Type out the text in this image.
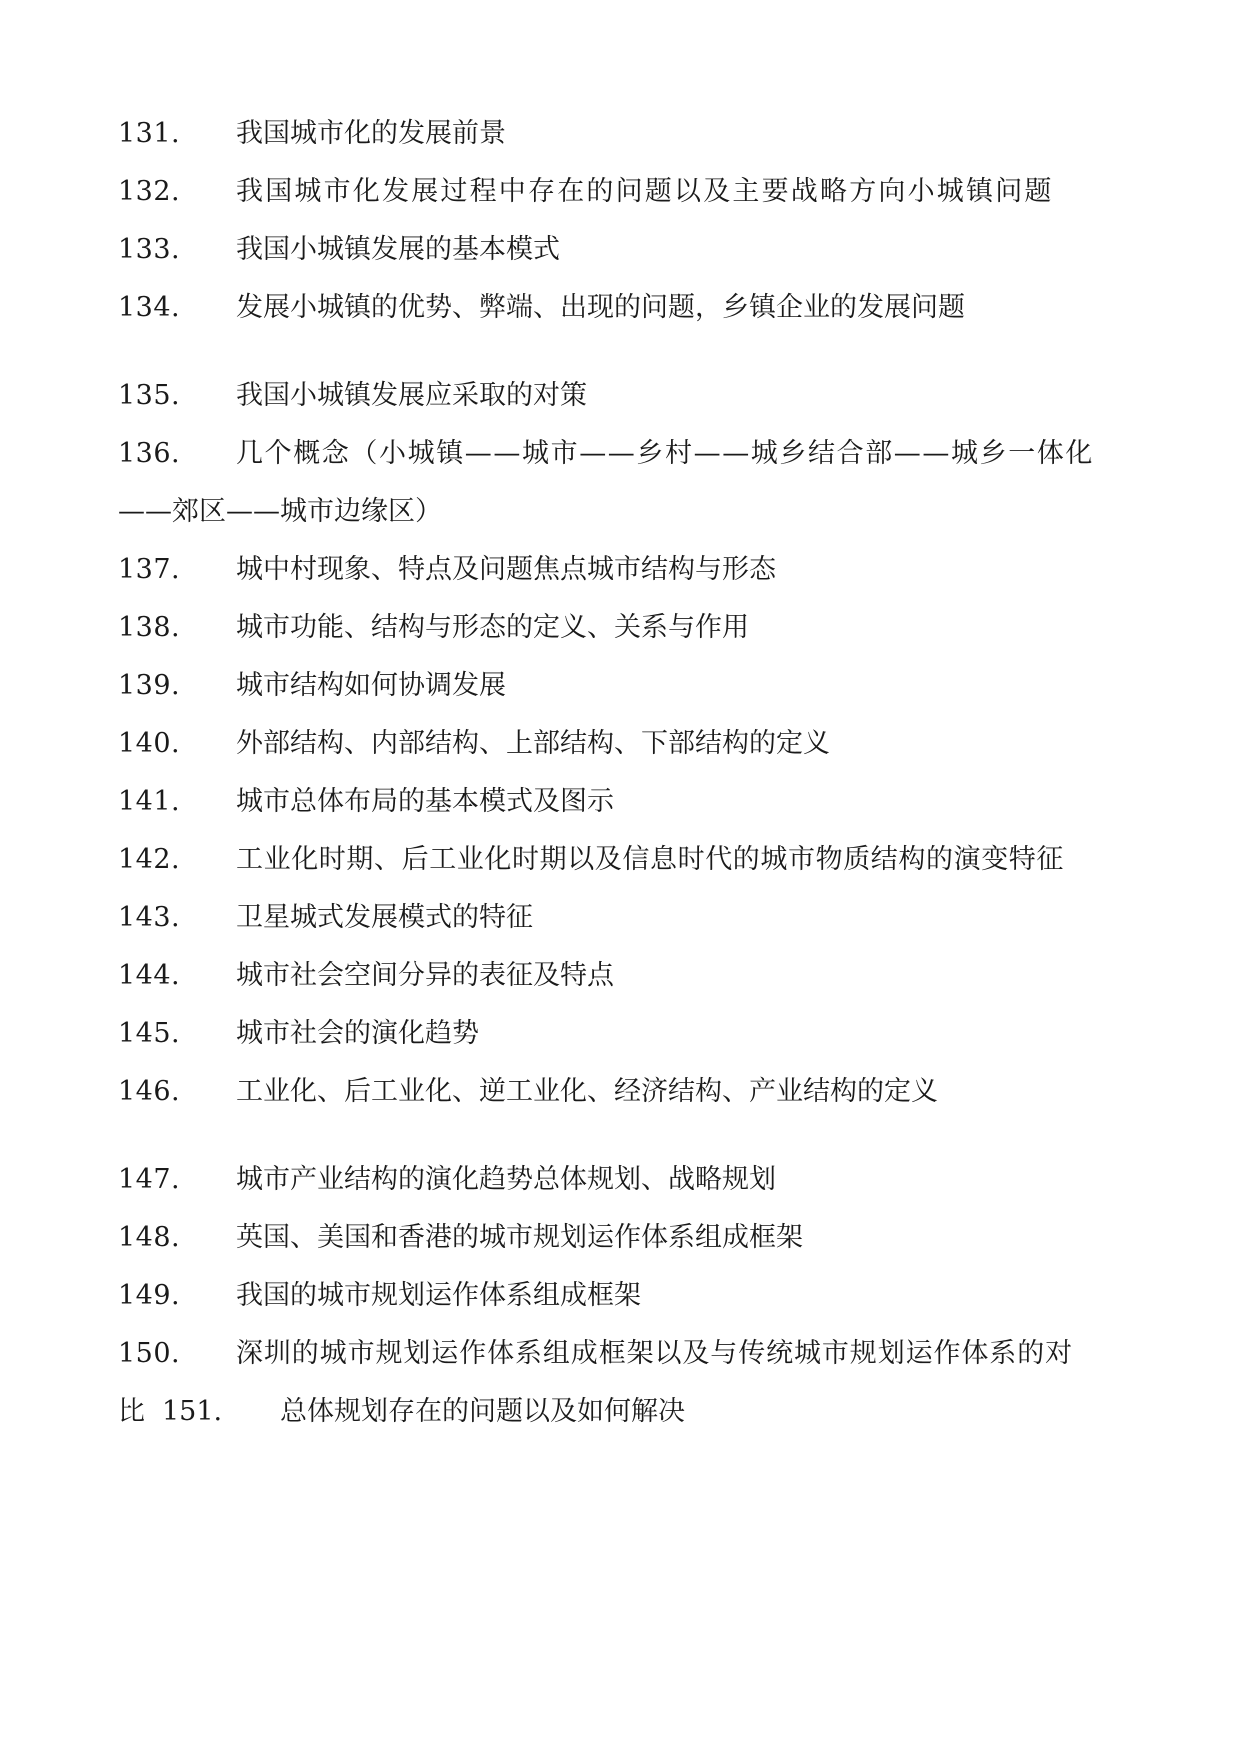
131. 我国城市化的发展前景
132. 我国城市化发展过程中存在的问题以及主要战略方向小城镇问题
133. 我国小城镇发展的基本模式
134. 发展小城镇的优势、弊端、出现的问题，乡镇企业的发展问题
135. 我国小城镇发展应采取的对策
136. 几个概念（小城镇——城市——乡村——城乡结合部——城乡一体化
——郊区——城市边缘区）
137. 城中村现象、特点及问题焦点城市结构与形态
138. 城市功能、结构与形态的定义、关系与作用
139. 城市结构如何协调发展
140. 外部结构、内部结构、上部结构、下部结构的定义
141. 城市总体布局的基本模式及图示
142. 工业化时期、后工业化时期以及信息时代的城市物质结构的演变特征
143. 卫星城式发展模式的特征
144. 城市社会空间分异的表征及特点
145. 城市社会的演化趋势
146. 工业化、后工业化、逆工业化、经济结构、产业结构的定义
147. 城市产业结构的演化趋势总体规划、战略规划
148. 英国、美国和香港的城市规划运作体系组成框架
149. 我国的城市规划运作体系组成框架
150. 深圳的城市规划运作体系组成框架以及与传统城市规划运作体系的对
比 151. 总体规划存在的问题以及如何解决
